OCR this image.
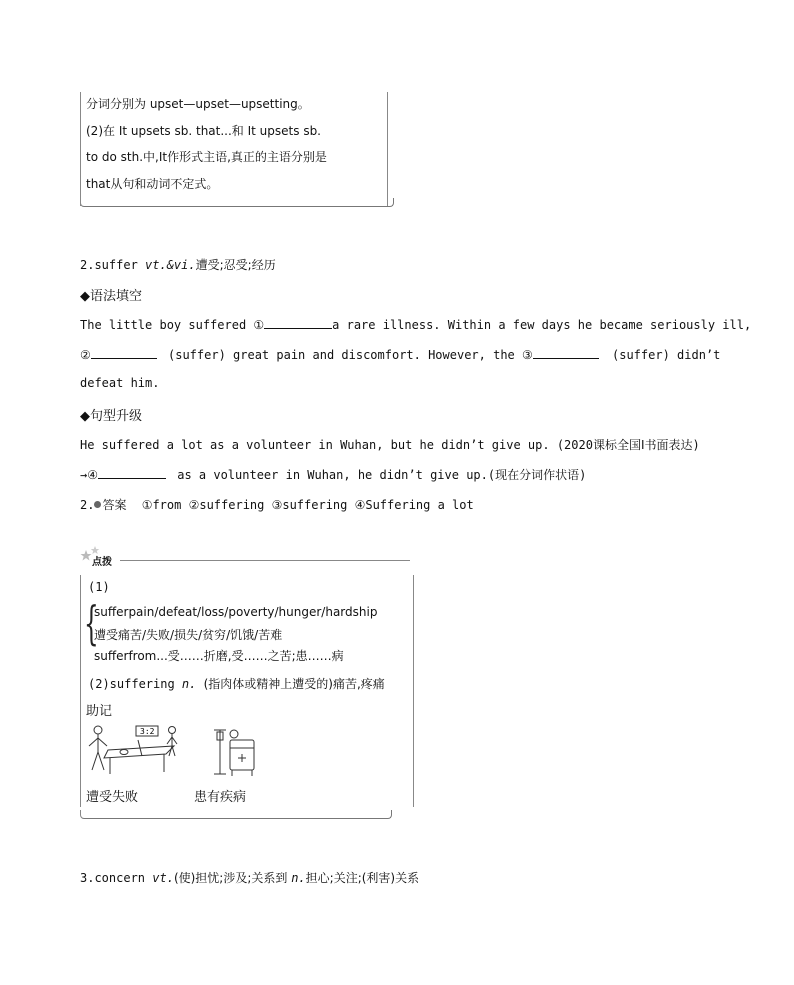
分词分别为 upset—upset—upsetting。
(2)在 It upsets sb. that...和 It upsets sb.
to do sth.中,It作形式主语,真正的主语分别是
that从句和动词不定式。
2.suffer vt.&vi.遭受;忍受;经历
◆语法填空
The little boy suffered ①	a rare illness. Within a few days he became seriously ill,
②	(suffer) great pain and discomfort. However, the ③	(suffer) didn’t
defeat him.
◆句型升级
He suffered a lot as a volunteer in Wuhan, but he didn’t give up. (2020课标全国Ⅰ书面表达)
→④	as a volunteer in Wuhan, he didn’t give up.(现在分词作状语)
2. 答案 ①from ②suffering ③suffering ④Suffering a lot
点拨
(1)
{
sufferpain/defeat/loss/poverty/hunger/hardship
遭受痛苦/失败/损失/贫穷/饥饿/苦难
sufferfrom...受……折磨,受……之苦;患……病
(2)suffering n. (指肉体或精神上遭受的)痛苦,疼痛
助记
3:2
遭受失败	患有疾病
3.concern vt.(使)担忧;涉及;关系到 n.担心;关注;(利害)关系
